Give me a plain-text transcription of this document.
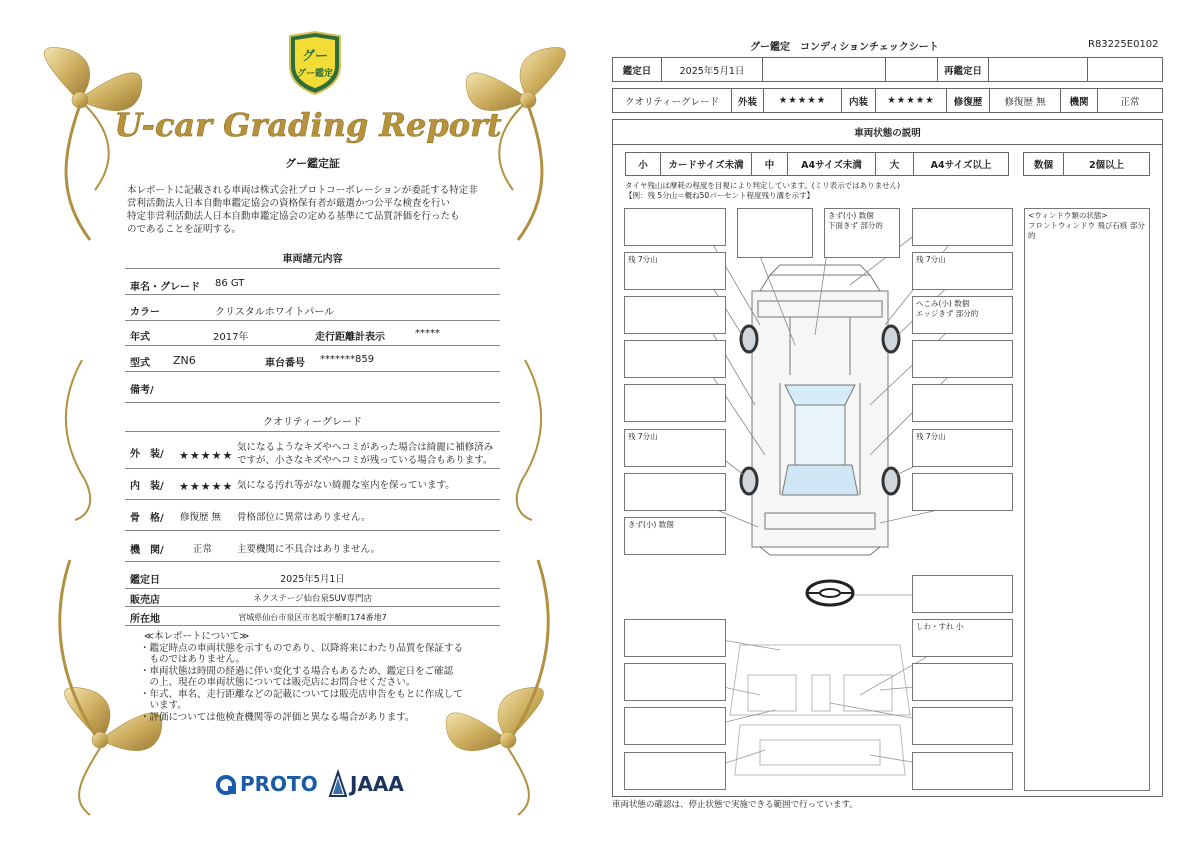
グー
グー鑑定
U-car Grading Report
グー鑑定証
本レポートに記載される車両は株式会社プロトコーポレーションが委託する特定非
営利活動法人日本自動車鑑定協会の資格保有者が厳選かつ公平な検査を行い
特定非営利活動法人日本自動車鑑定協会の定める基準にて品質評価を行ったも
のであることを証明する。
車両諸元内容
車名・グレード 86 GT
カラー	クリスタルホワイトパール
年式	2017年	走行距離計表示	*****
型式 ZN6	車台番号 *******859
備考/
クオリティーグレード
外　装/ ★★★★★
気になるようなキズやヘコミがあった場合は綺麗に補修済み
ですが、小さなキズやヘコミが残っている場合もあります。
内　装/ ★★★★★ 気になる汚れ等がない綺麗な室内を保っています。
骨　格/ 修復歴 無 骨格部位に異常はありません。
機　関/	正常	主要機関に不具合はありません。
鑑定日	2025年5月1日
販売店	ネクステージ仙台泉SUV専門店
所在地	宮城県仙台市泉区市名坂字楯町174番地7
≪本レポートについて≫
・鑑定時点の車両状態を示すものであり、以降将来にわたり品質を保証する
　ものではありません。
・車両状態は時間の経過に伴い変化する場合もあるため、鑑定日をご確認
　の上、現在の車両状態については販売店にお問合せください。
・年式、車名、走行距離などの記載については販売店申告をもとに作成して
　います。
・評価については他検査機関等の評価と異なる場合があります。
PROTO JAAA
グー鑑定　コンディションチェックシート	R83225E0102
鑑定日	2025年5月1日	再鑑定日
クオリティーグレード	外装	★★★★★	内装	★★★★★	修復歴	修復歴 無	機関	正常
車両状態の説明
小	カードサイズ未満	中	A4サイズ未満	大	A4サイズ以上	数個	2個以上
タイヤ残山は摩耗の程度を目視により判定しています。(ミリ表示ではありません)
【例：残 5分山＝概ね50パーセント程度残り溝を示す】
残 7分山
残 7分山
きず(小) 数個
きず(小) 数個
下面きず 部分的
残 7分山
へこみ(小) 数個
エッジきず 部分的
残 7分山
しわ・すれ 小
<ウィンドウ類の状態>
フロントウィンドウ 飛び石痕 部分的
車両状態の確認は、停止状態で実施できる範囲で行っています。
